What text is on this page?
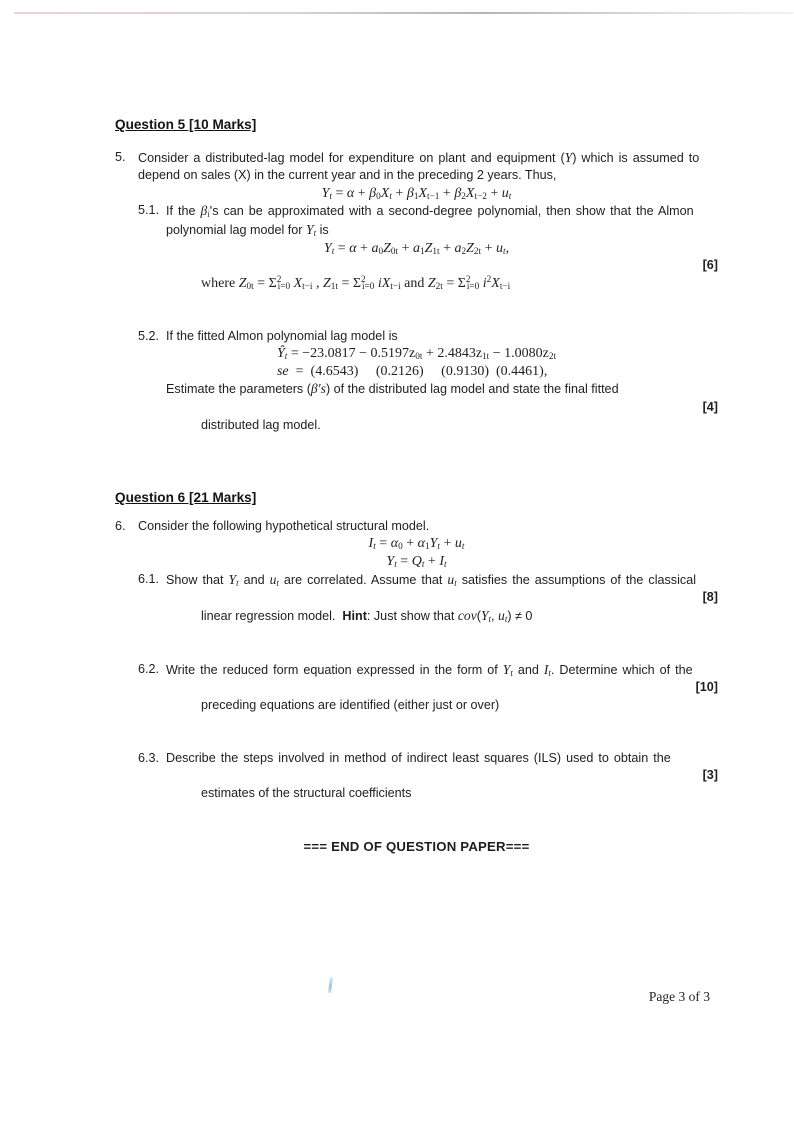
Question 5 [10 Marks]
5. Consider a distributed-lag model for expenditure on plant and equipment (Y) which is assumed to
depend on sales (X) in the current year and in the preceding 2 years. Thus,
$Y_t = \alpha + \beta_0X_t + \beta_1X_{t-1} + \beta_2X_{t-2} + u_t$
5.1. If the $\beta_i's$ can be approximated with a second-degree polynomial, then show that the Almon
polynomial lag model for $Y_t$ is
$Y_t = \alpha + a_0Z_{0t} + a_1Z_{1t} + a_2Z_{2t} + u_t$,

where $Z_{0t} = \Sigma^2_{i=0}$ $X_{t-i}$ , $Z_{1t} = \Sigma^2_{i=0}$ $iX_{t-i}$ and $Z_{2t} = \Sigma^2_{i=0}$ $i^2X_{t-i}$

[6]

5.2. If the fitted Almon polynomial lag model is
$Ŷ_t = -23.0817 - 0.5197z_{0t} + 2.4843z_{1t} - 1.0080z_{2t}$
se  =  (4.6543)     (0.2126)     (0.9130)  (0.4461),
Estimate the parameters (β′s) of the distributed lag model and state the final fitted

distributed lag model.

[4]

Question 6 [21 Marks]
6. Consider the following hypothetical structural model.
$I_t = \alpha_0 + \alpha_1Y_t + u_t$
$Y_t = Q_t + I_t$
6.1. Show that $Y_t$ and $u_t$ are correlated. Assume that $u_t$ satisfies the assumptions of the classical

linear regression model.  Hint: Just show that $cov(Y_t$, $u_t) \ne 0$

[8]

6.2. Write the reduced form equation expressed in the form of $Y_t$ and $I_t$. Determine which of the

preceding equations are identified (either just or over)

[10]

6.3. Describe the steps involved in method of indirect least squares (ILS) used to obtain the

estimates of the structural coefficients

[3]

=== END OF QUESTION PAPER===
Page 3 of 3
